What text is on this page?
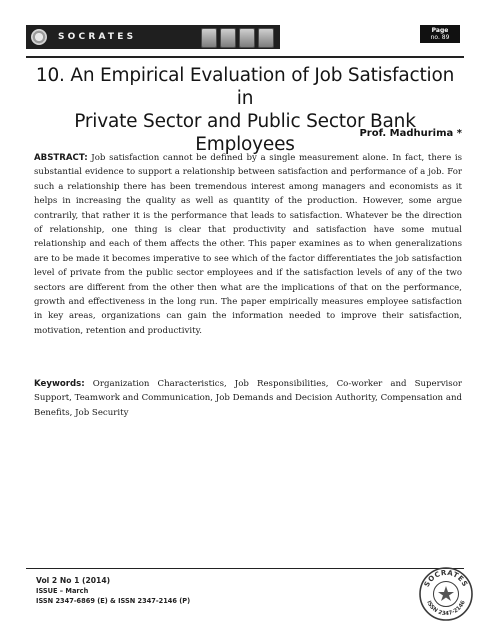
SOCRATES
Page
no. 89
10. An Empirical Evaluation of Job Satisfaction in
Private Sector and Public Sector Bank Employees
Prof. Madhurima *
ABSTRACT: Job satisfaction cannot be defined by a single measurement alone. In fact, there is substantial evidence to support a relationship between satisfaction and performance of a job. For such a relationship there has been tremendous interest among managers and economists as it helps in increasing the quality as well as quantity of the production. However, some argue contrarily, that rather it is the performance that leads to satisfaction. Whatever be the direction of relationship, one thing is clear that productivity and satisfaction have some mutual relationship and each of them affects the other. This paper examines as to when generalizations are to be made it becomes imperative to see which of the factor differentiates the job satisfaction level of private from the public sector employees and if the satisfaction levels of any of the two sectors are different from the other then what are the implications of that on the performance, growth and effectiveness in the long run. The paper empirically measures employee satisfaction in key areas, organizations can gain the information needed to improve their satisfaction, motivation, retention and productivity.
Keywords: Organization Characteristics, Job Responsibilities, Co-worker and Supervisor Support, Teamwork and Communication, Job Demands and Decision Authority, Compensation and Benefits, Job Security
Vol 2 No 1 (2014)
ISSUE – March
ISSN 2347-6869 (E) & ISSN 2347-2146 (P)
SOCRATES
ISSN 2347-2146
